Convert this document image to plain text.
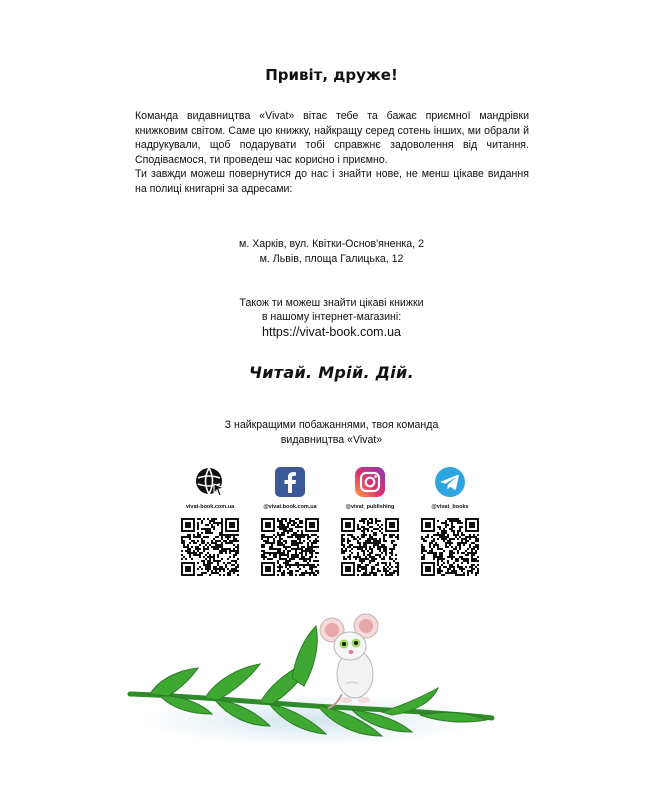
Привіт, друже!

Команда видавництва «Vivat» вітає тебе та бажає приємної мандрівки книжковим світом. Саме цю книжку, найкращу серед сотень інших, ми обрали й надрукували, щоб подарувати тобі справжнє задоволення від читання. Сподіваємося, ти проведеш час корисно і приємно.

Ти завжди можеш повернутися до нас і знайти нове, не менш цікаве видання на полиці книгарні за адресами:

м. Харків, вул. Квітки-Основ'яненка, 2
м. Львів, площа Галицька, 12
Також ти можеш знайти цікаві книжки
в нашому інтернет-магазині:
https://vivat-book.com.ua
Читай. Мрій. Дій.
З найкращими побажаннями, твоя команда
видавництва «Vivat»
vivat-book.com.ua	@vivat.book.com.ua	@vivat_publishing	@vivat_books
